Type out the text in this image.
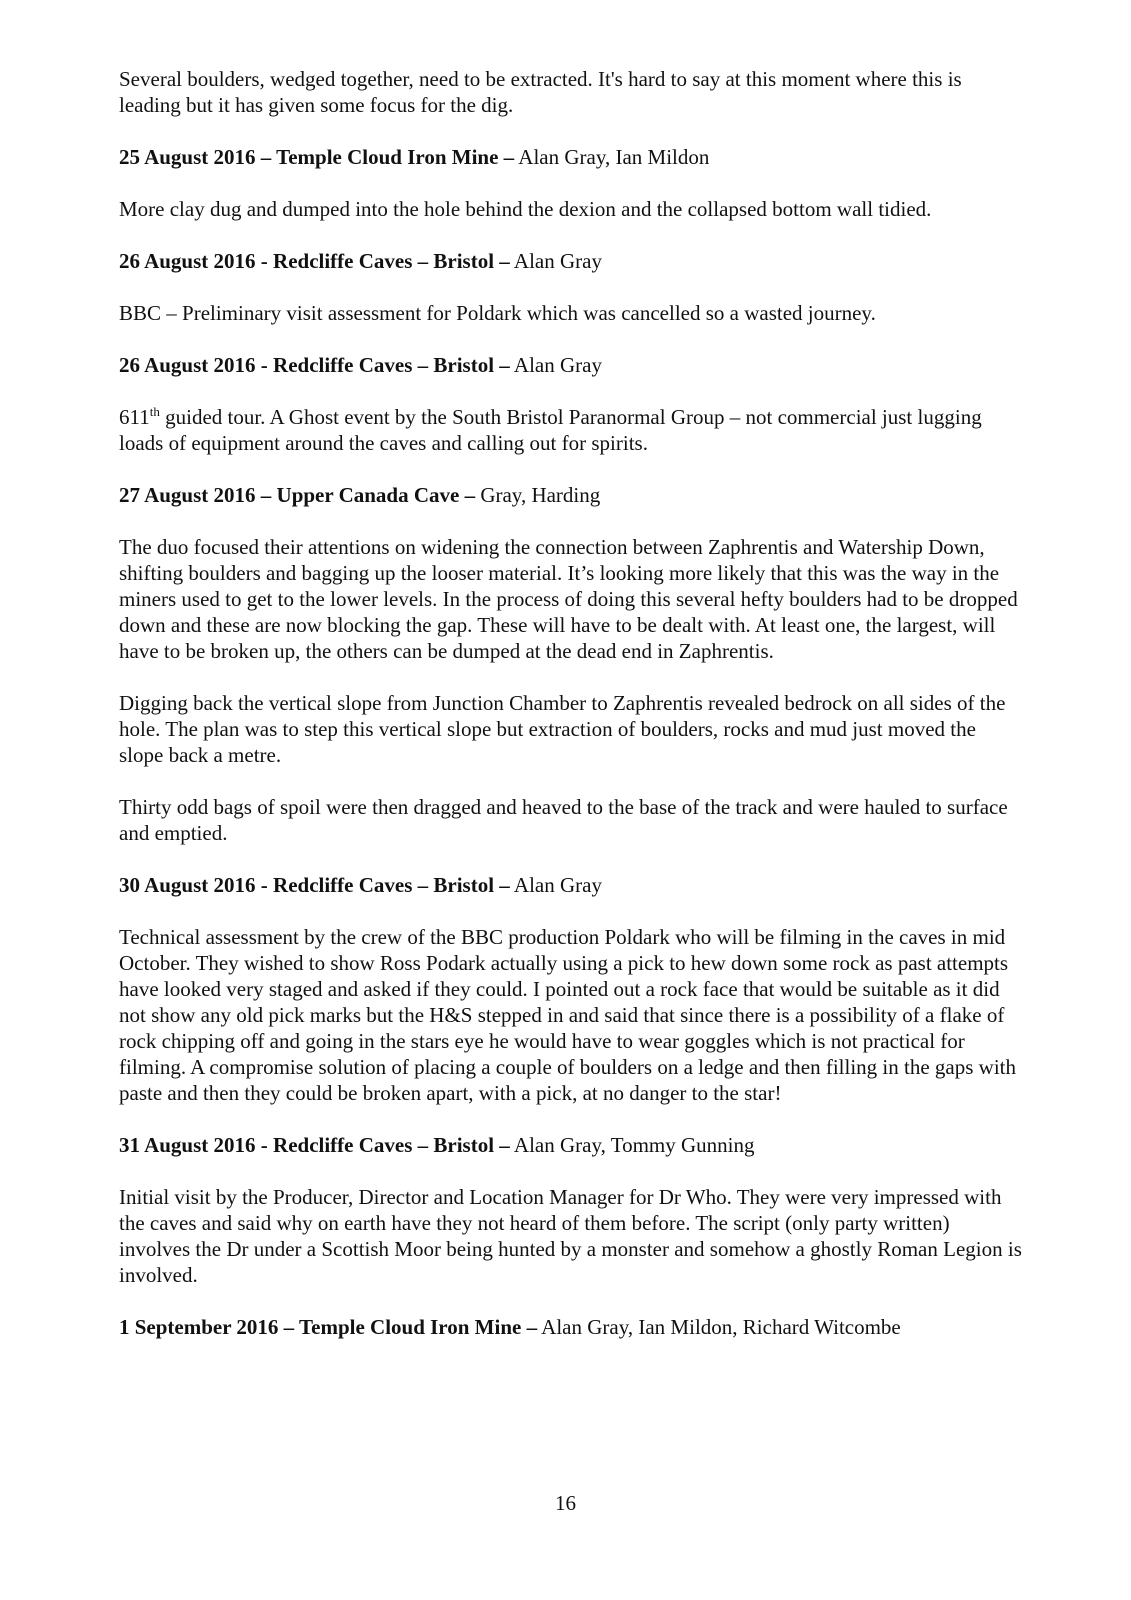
Several boulders, wedged together, need to be extracted. It's hard to say at this moment where this is leading but it has given some focus for the dig.

25 August 2016 – Temple Cloud Iron Mine – Alan Gray, Ian Mildon

More clay dug and dumped into the hole behind the dexion and the collapsed bottom wall tidied.

26 August 2016 - Redcliffe Caves – Bristol – Alan Gray

BBC – Preliminary visit assessment for Poldark which was cancelled so a wasted journey.

26 August 2016 - Redcliffe Caves – Bristol – Alan Gray

611th guided tour. A Ghost event by the South Bristol Paranormal Group – not commercial just lugging loads of equipment around the caves and calling out for spirits.

27 August 2016 – Upper Canada Cave – Gray, Harding

The duo focused their attentions on widening the connection between Zaphrentis and Watership Down, shifting boulders and bagging up the looser material. It’s looking more likely that this was the way in the miners used to get to the lower levels. In the process of doing this several hefty boulders had to be dropped down and these are now blocking the gap. These will have to be dealt with. At least one, the largest, will have to be broken up, the others can be dumped at the dead end in Zaphrentis.

Digging back the vertical slope from Junction Chamber to Zaphrentis revealed bedrock on all sides of the hole. The plan was to step this vertical slope but extraction of boulders, rocks and mud just moved the slope back a metre.

Thirty odd bags of spoil were then dragged and heaved to the base of the track and were hauled to surface and emptied.

30 August 2016 - Redcliffe Caves – Bristol – Alan Gray

Technical assessment by the crew of the BBC production Poldark who will be filming in the caves in mid October. They wished to show Ross Podark actually using a pick to hew down some rock as past attempts have looked very staged and asked if they could. I pointed out a rock face that would be suitable as it did not show any old pick marks but the H&S stepped in and said that since there is a possibility of a flake of rock chipping off and going in the stars eye he would have to wear goggles which is not practical for filming. A compromise solution of placing a couple of boulders on a ledge and then filling in the gaps with paste and then they could be broken apart, with a pick, at no danger to the star!

31 August 2016 - Redcliffe Caves – Bristol – Alan Gray, Tommy Gunning

Initial visit by the Producer, Director and Location Manager for Dr Who. They were very impressed with the caves and said why on earth have they not heard of them before. The script (only party written) involves the Dr under a Scottish Moor being hunted by a monster and somehow a ghostly Roman Legion is involved.

1 September 2016 – Temple Cloud Iron Mine – Alan Gray, Ian Mildon, Richard Witcombe

16
